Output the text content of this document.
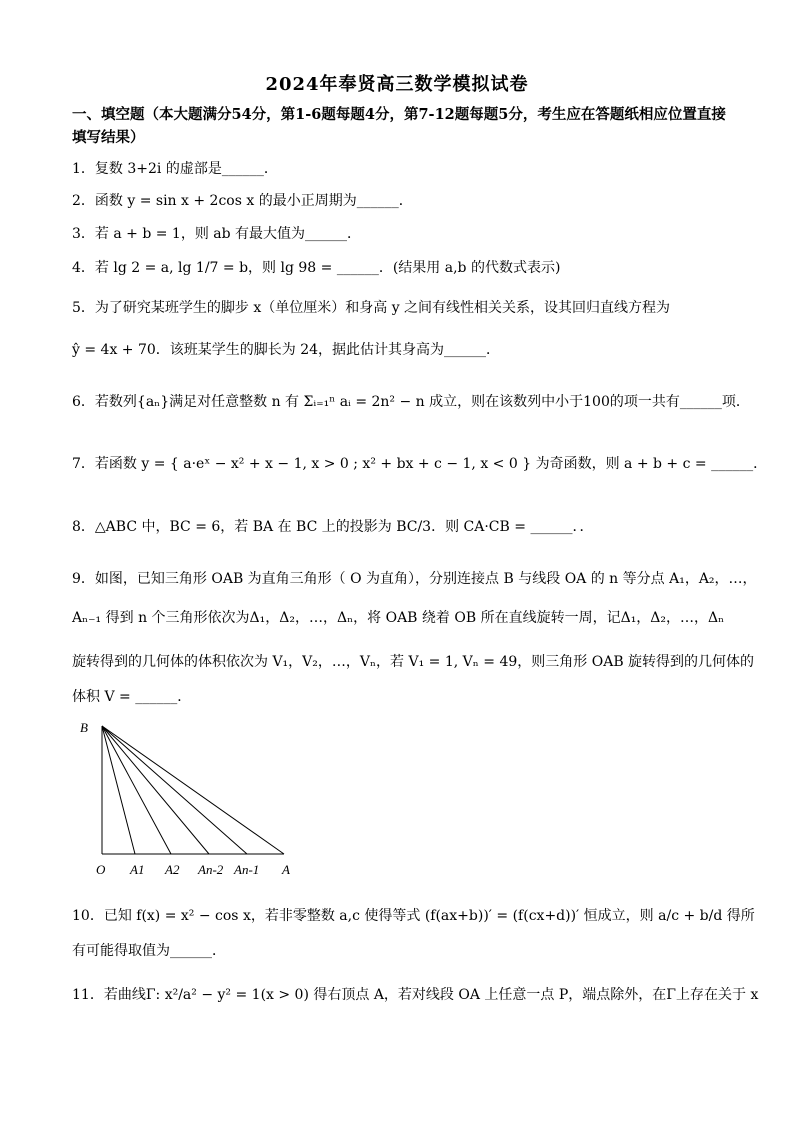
2024年奉贤高三数学模拟试卷
一、填空题（本大题满分54分，第1-6题每题4分，第7-12题每题5分，考生应在答题纸相应位置直接填写结果）
1．复数 3+2i 的虚部是______．
2．函数 y = sin x + 2cos x 的最小正周期为______．
3．若 a + b = 1，则 ab 有最大值为______．
4．若 lg 2 = a, lg 1/7 = b，则 lg 98 = ______．(结果用 a,b 的代数式表示)
5．为了研究某班学生的脚步 x（单位厘米）和身高 y 之间有线性相关关系，设其回归直线方程为
ŷ = 4x + 70．该班某学生的脚长为 24，据此估计其身高为______．
6．若数列{aₙ}满足对任意整数 n 有 Σᵢ₌₁ⁿ aᵢ = 2n² − n 成立，则在该数列中小于100的项一共有______项．
7．若函数 y = { a·eˣ − x² + x − 1, x > 0 ; x² + bx + c − 1, x < 0 } 为奇函数，则 a + b + c = ______．
8．△ABC 中，BC = 6，若 BA 在 BC 上的投影为 BC/3．则 CA·CB = ______．．
9．如图，已知三角形 OAB 为直角三角形（ O 为直角），分别连接点 B 与线段 OA 的 n 等分点 A₁，A₂，…，
Aₙ₋₁ 得到 n 个三角形依次为Δ₁，Δ₂，…，Δₙ，将 OAB 绕着 OB 所在直线旋转一周，记Δ₁，Δ₂，…，Δₙ
旋转得到的几何体的体积依次为 V₁，V₂，…，Vₙ，若 V₁ = 1, Vₙ = 49，则三角形 OAB 旋转得到的几何体的
体积 V = ______．
B
O A1 A2 An-2 An-1 A
10．已知 f(x) = x² − cos x，若非零整数 a,c 使得等式 (f(ax+b))′ = (f(cx+d))′ 恒成立，则 a/c + b/d 得所
有可能得取值为______．
11．若曲线Γ: x²/a² − y² = 1(x > 0) 得右顶点 A，若对线段 OA 上任意一点 P，端点除外，在Γ上存在关于 x
